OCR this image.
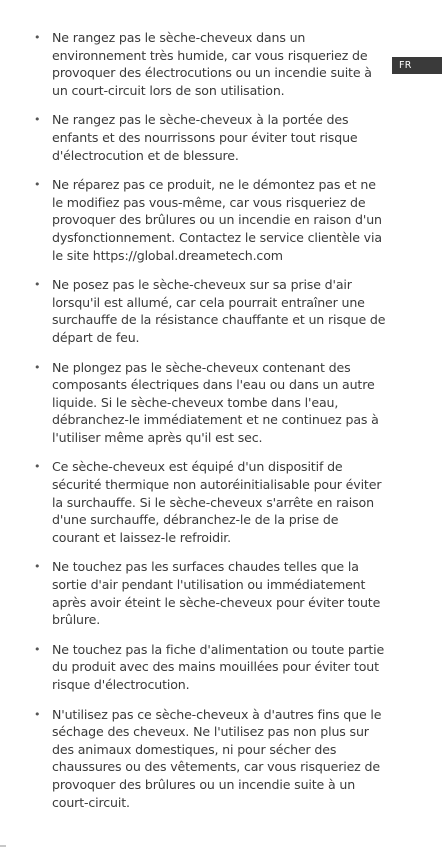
FR
• Ne rangez pas le sèche-cheveux dans un environnement très humide, car vous risqueriez de provoquer des électrocutions ou un incendie suite à un court-circuit lors de son utilisation.
• Ne rangez pas le sèche-cheveux à la portée des enfants et des nourrissons pour éviter tout risque d'électrocution et de blessure.
• Ne réparez pas ce produit, ne le démontez pas et ne le modifiez pas vous-même, car vous risqueriez de provoquer des brûlures ou un incendie en raison d'un dysfonctionnement. Contactez le service clientèle via le site https://global.dreametech.com
• Ne posez pas le sèche-cheveux sur sa prise d'air lorsqu'il est allumé, car cela pourrait entraîner une surchauffe de la résistance chauffante et un risque de départ de feu.
• Ne plongez pas le sèche-cheveux contenant des composants électriques dans l'eau ou dans un autre liquide. Si le sèche-cheveux tombe dans l'eau, débranchez-le immédiatement et ne continuez pas à l'utiliser même après qu'il est sec.
• Ce sèche-cheveux est équipé d'un dispositif de sécurité thermique non autoréinitialisable pour éviter la surchauffe. Si le sèche-cheveux s'arrête en raison d'une surchauffe, débranchez-le de la prise de courant et laissez-le refroidir.
• Ne touchez pas les surfaces chaudes telles que la sortie d'air pendant l'utilisation ou immédiatement après avoir éteint le sèche-cheveux pour éviter toute brûlure.
• Ne touchez pas la fiche d'alimentation ou toute partie du produit avec des mains mouillées pour éviter tout risque d'électrocution.
• N'utilisez pas ce sèche-cheveux à d'autres fins que le séchage des cheveux. Ne l'utilisez pas non plus sur des animaux domestiques, ni pour sécher des chaussures ou des vêtements, car vous risqueriez de provoquer des brûlures ou un incendie suite à un court-circuit.
